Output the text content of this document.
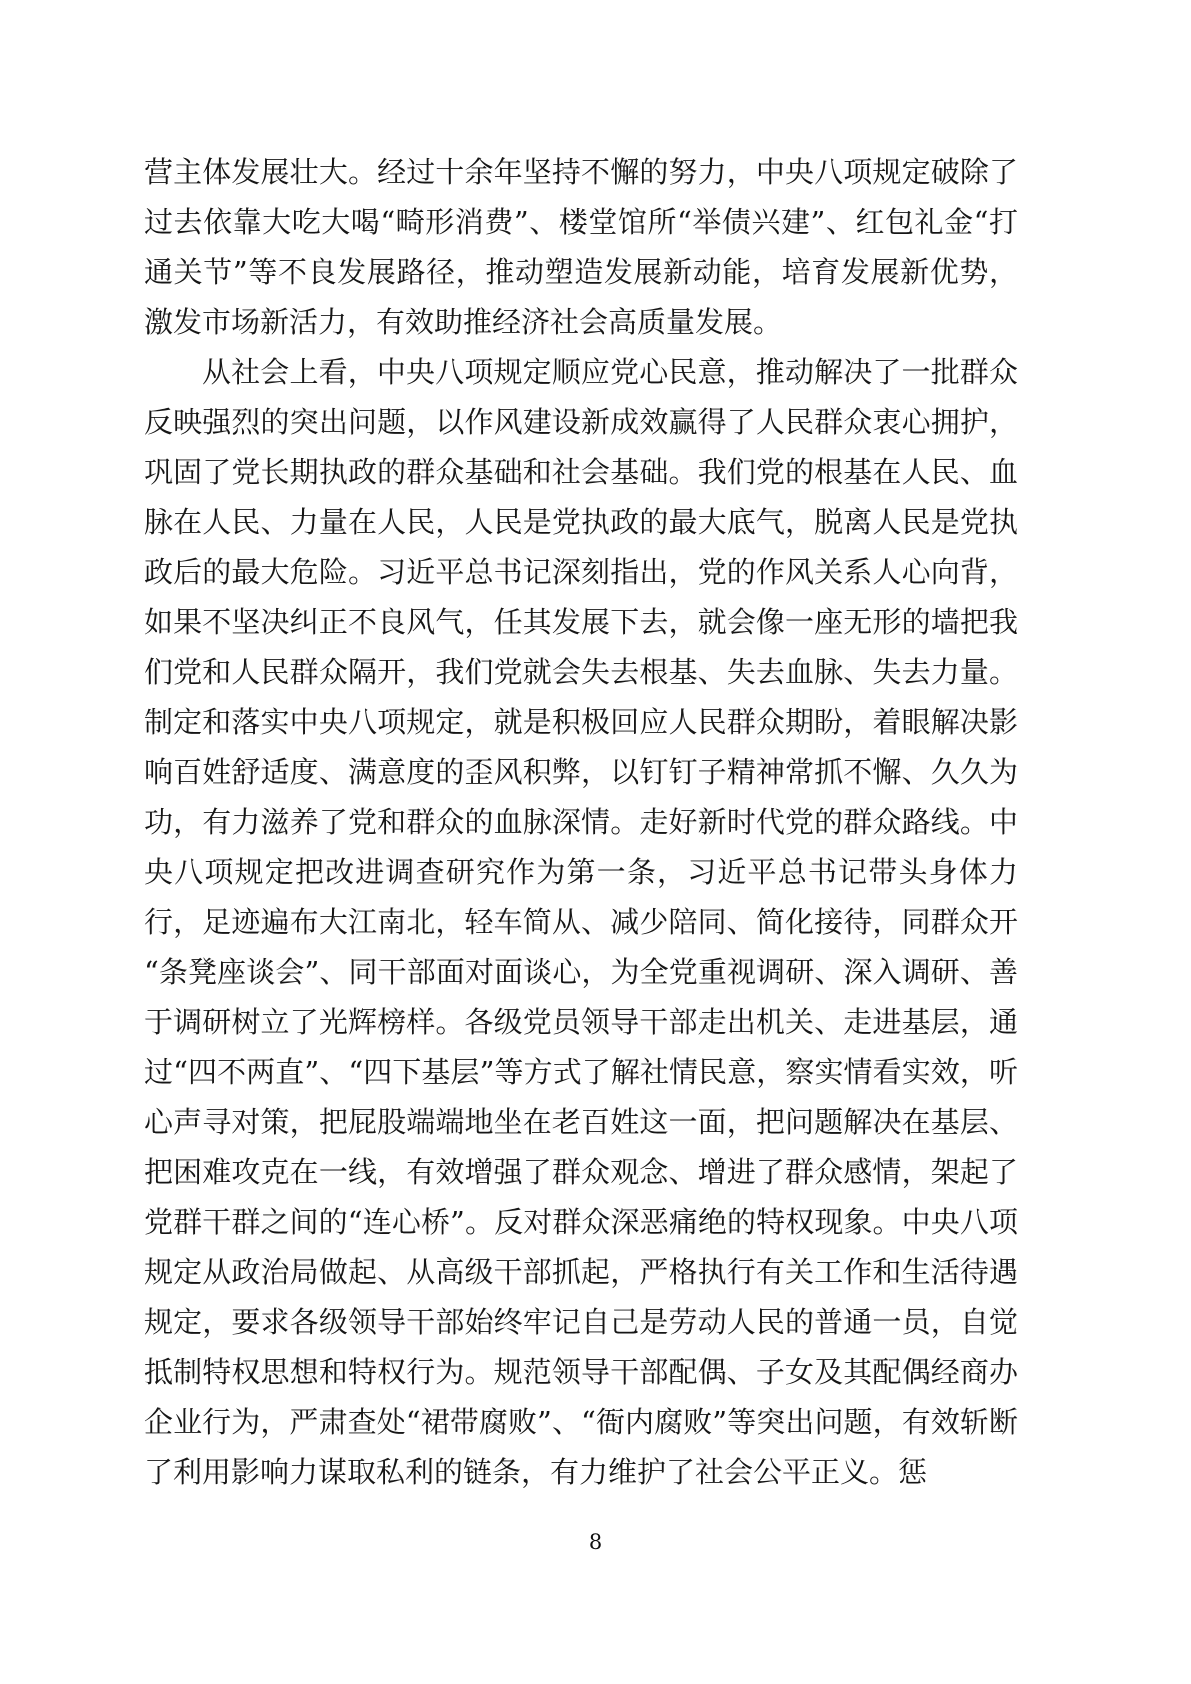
营主体发展壮大。经过十余年坚持不懈的努力，中央八项规定破除了过去依靠大吃大喝“畸形消费”、楼堂馆所“举债兴建”、红包礼金“打通关节”等不良发展路径，推动塑造发展新动能，培育发展新优势，激发市场新活力，有效助推经济社会高质量发展。

从社会上看，中央八项规定顺应党心民意，推动解决了一批群众反映强烈的突出问题，以作风建设新成效赢得了人民群众衷心拥护，巩固了党长期执政的群众基础和社会基础。我们党的根基在人民、血脉在人民、力量在人民，人民是党执政的最大底气，脱离人民是党执政后的最大危险。习近平总书记深刻指出，党的作风关系人心向背，如果不坚决纠正不良风气，任其发展下去，就会像一座无形的墙把我们党和人民群众隔开，我们党就会失去根基、失去血脉、失去力量。制定和落实中央八项规定，就是积极回应人民群众期盼，着眼解决影响百姓舒适度、满意度的歪风积弊，以钉钉子精神常抓不懈、久久为功，有力滋养了党和群众的血脉深情。走好新时代党的群众路线。中央八项规定把改进调查研究作为第一条，习近平总书记带头身体力行，足迹遍布大江南北，轻车简从、减少陪同、简化接待，同群众开“条凳座谈会”、同干部面对面谈心，为全党重视调研、深入调研、善于调研树立了光辉榜样。各级党员领导干部走出机关、走进基层，通过“四不两直”、“四下基层”等方式了解社情民意，察实情看实效，听心声寻对策，把屁股端端地坐在老百姓这一面，把问题解决在基层、把困难攻克在一线，有效增强了群众观念、增进了群众感情，架起了党群干群之间的“连心桥”。反对群众深恶痛绝的特权现象。中央八项规定从政治局做起、从高级干部抓起，严格执行有关工作和生活待遇规定，要求各级领导干部始终牢记自己是劳动人民的普通一员，自觉抵制特权思想和特权行为。规范领导干部配偶、子女及其配偶经商办企业行为，严肃查处“裙带腐败”、“衙内腐败”等突出问题，有效斩断了利用影响力谋取私利的链条，有力维护了社会公平正义。惩

8
